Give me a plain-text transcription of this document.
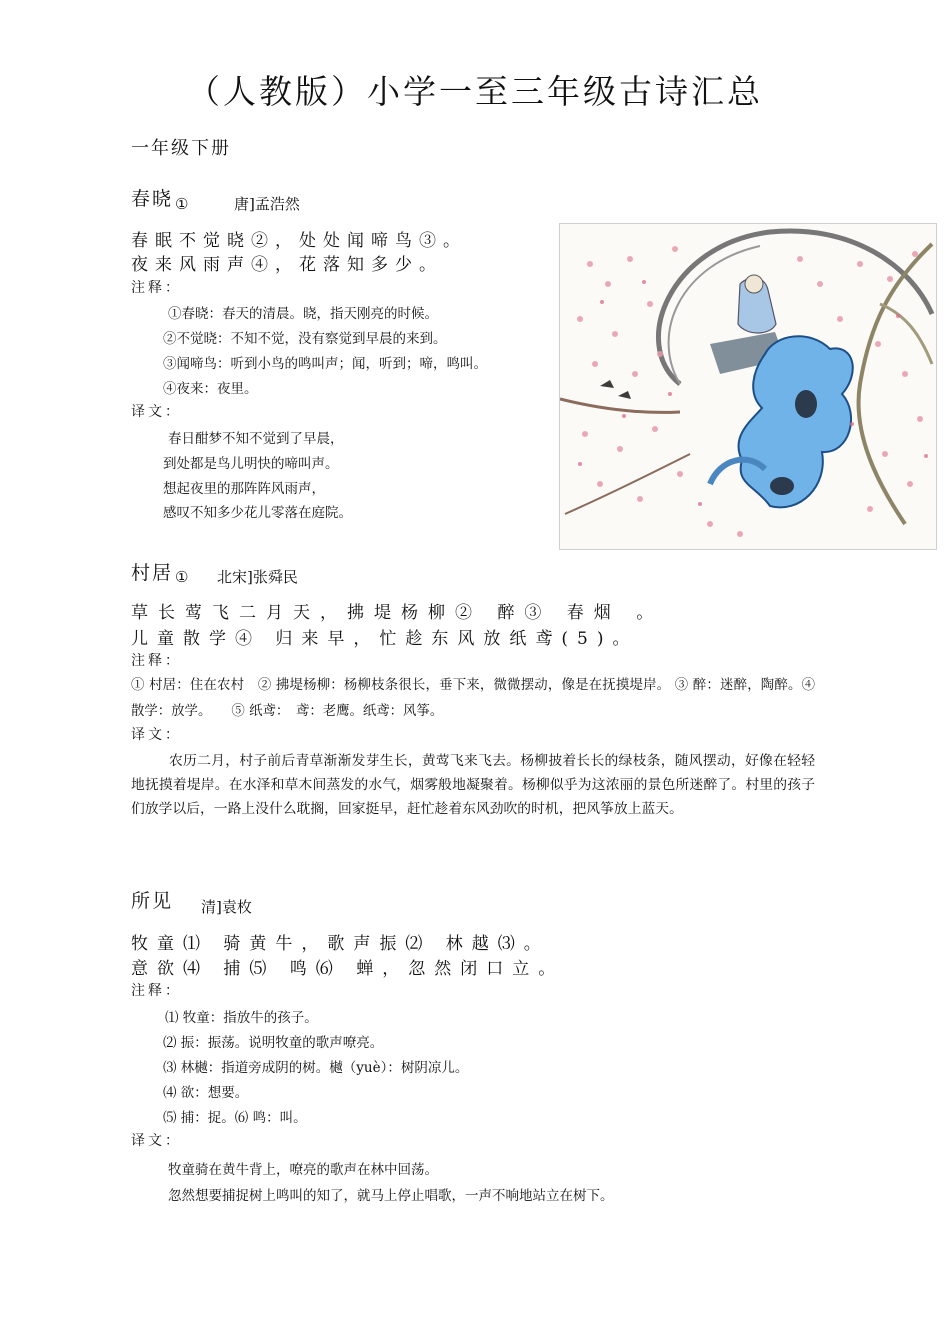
（人教版）小学一至三年级古诗汇总
一年级下册
春晓 ①	唐]孟浩然
春眠不觉晓②，处处闻啼鸟③。
夜来风雨声④，花落知多少。
注释：
①春晓：春天的清晨。晓，指天刚亮的时候。
②不觉晓：不知不觉，没有察觉到早晨的来到。
③闻啼鸟：听到小鸟的鸣叫声；闻，听到；啼，鸣叫。
④夜来：夜里。
译文：
春日酣梦不知不觉到了早晨，
到处都是鸟儿明快的啼叫声。
想起夜里的那阵阵风雨声，
感叹不知多少花儿零落在庭院。
村居 ① 北宋]张舜民
草长莺飞二月天，拂堤杨柳② 醉③ 春烟 。
儿童散学④ 归来早，忙趁东风放纸鸢(5)。
注释：
① 村居：住在农村　② 拂堤杨柳：杨柳枝条很长，垂下来，微微摆动，像是在抚摸堤岸。 ③ 醉：迷醉，陶醉。④ 散学：放学。　　⑤ 纸鸢：　鸢：老鹰。纸鸢：风筝。
译文：
农历二月，村子前后青草渐渐发芽生长，黄莺飞来飞去。杨柳披着长长的绿枝条，随风摆动，好像在轻轻地抚摸着堤岸。在水泽和草木间蒸发的水气，烟雾般地凝聚着。杨柳似乎为这浓丽的景色所迷醉了。村里的孩子们放学以后，一路上没什么耽搁，回家挺早，赶忙趁着东风劲吹的时机，把风筝放上蓝天。
所见 清]袁枚
牧童⑴ 骑黄牛，歌声振⑵ 林越⑶。
意欲⑷ 捕⑸ 鸣⑹ 蝉，忽然闭口立。
注释：
⑴ 牧童：指放牛的孩子。
⑵ 振：振荡。说明牧童的歌声嘹亮。
⑶ 林樾：指道旁成阴的树。樾（yuè）：树阴凉儿。
⑷ 欲：想要。
⑸ 捕：捉。⑹ 鸣：叫。
译文：
牧童骑在黄牛背上，嘹亮的歌声在林中回荡。
忽然想要捕捉树上鸣叫的知了，就马上停止唱歌，一声不响地站立在树下。
